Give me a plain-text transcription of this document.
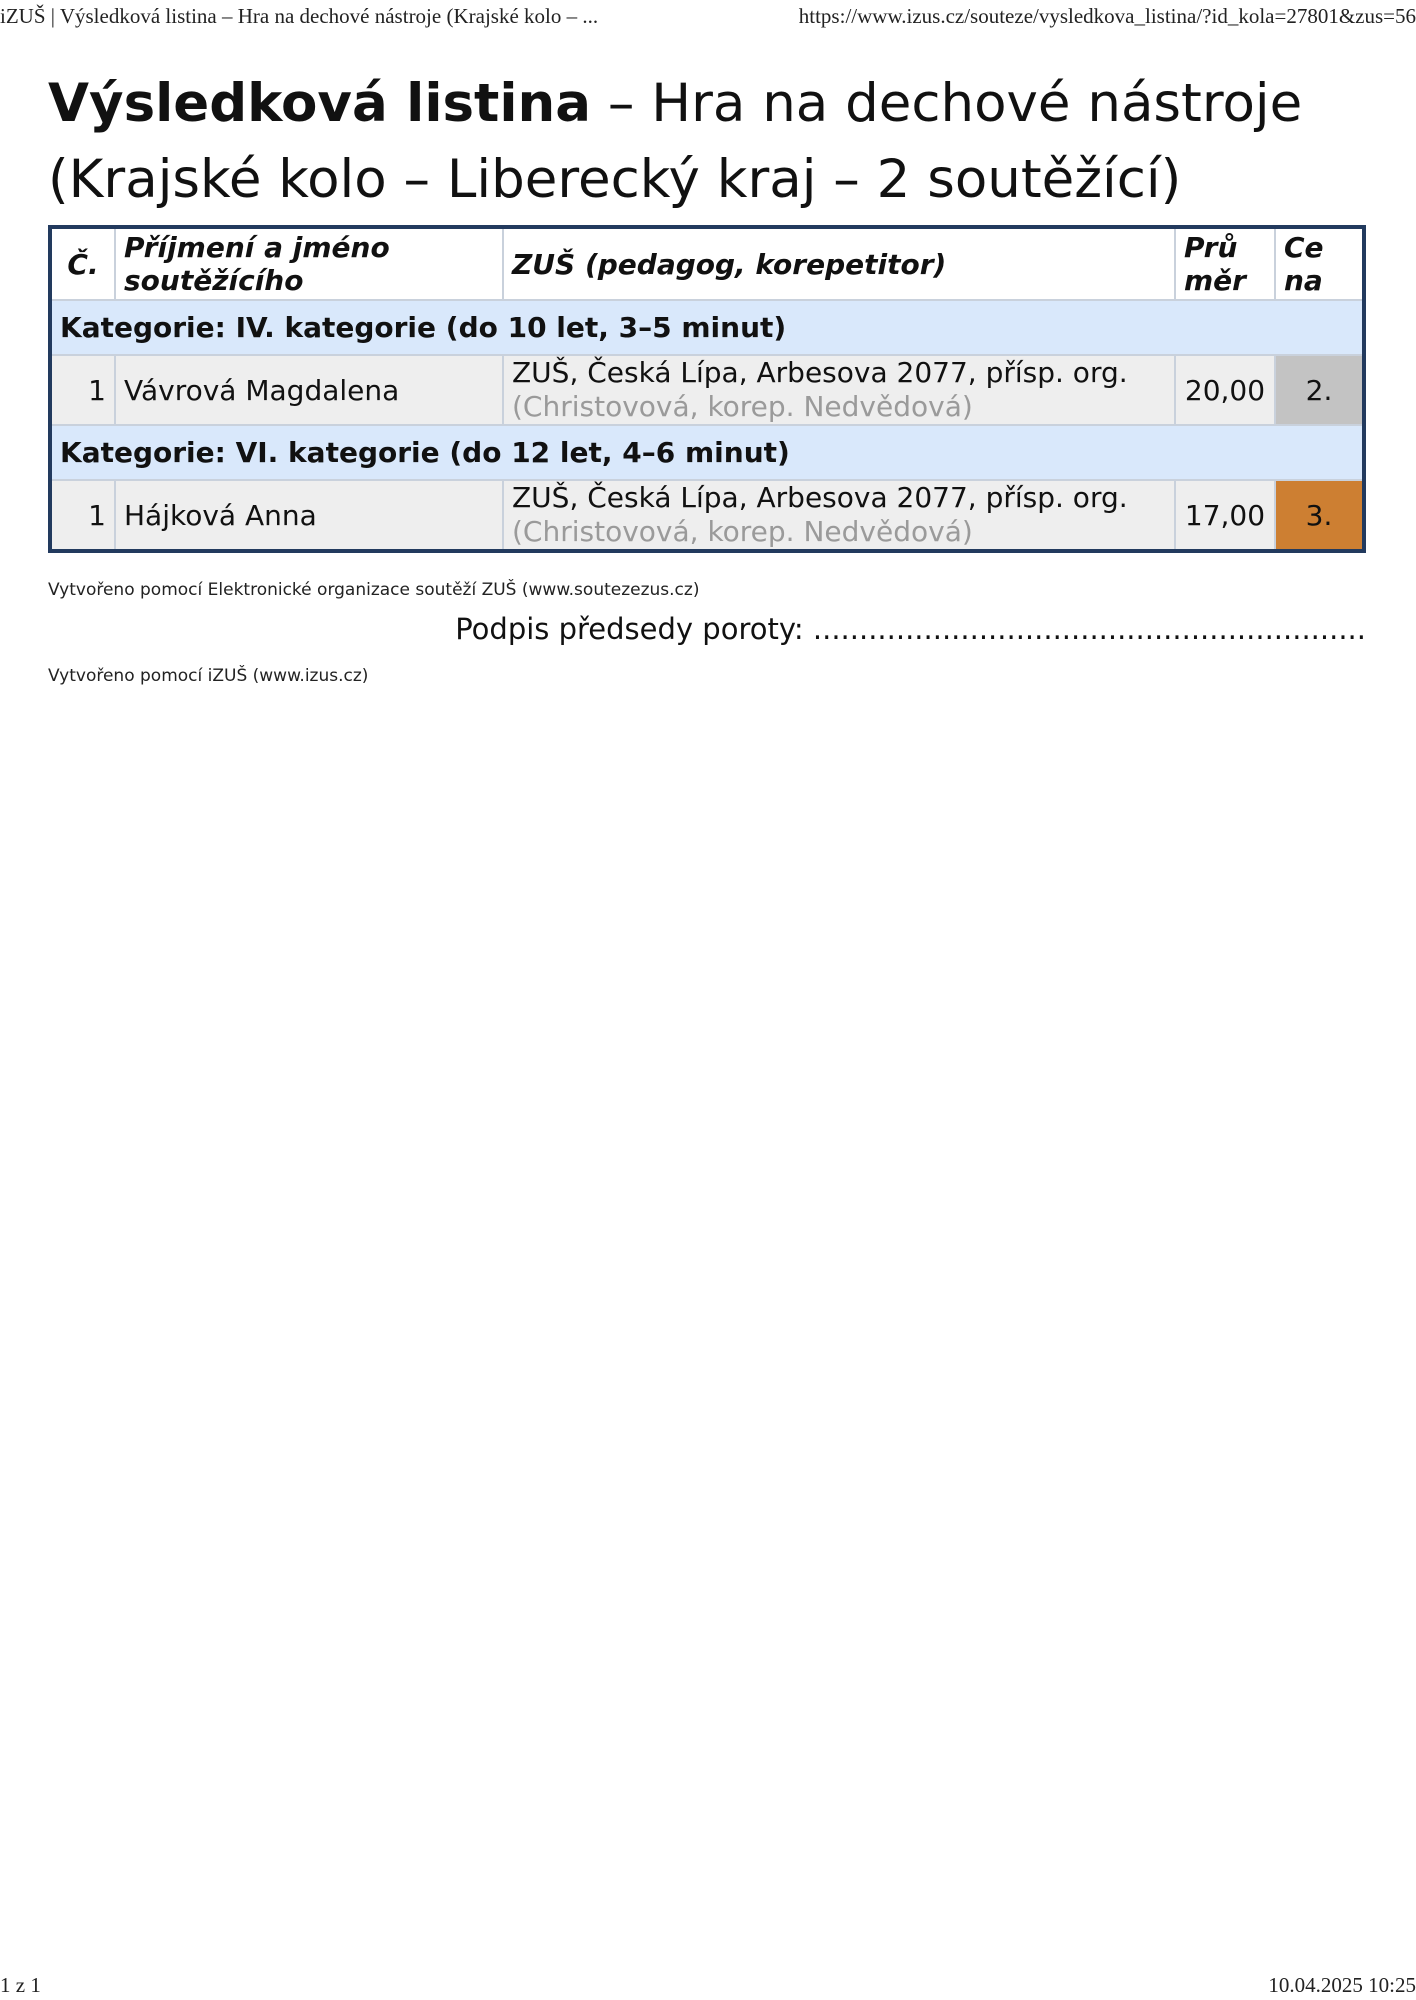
iZUŠ | Výsledková listina – Hra na dechové nástroje (Krajské kolo – ...	https://www.izus.cz/souteze/vysledkova_listina/?id_kola=27801&zus=56
Výsledková listina – Hra na dechové nástroje (Krajské kolo – Liberecký kraj – 2 soutěžící)
Č.	Příjmení a jméno soutěžícího	ZUŠ (pedagog, korepetitor)	Prů měr	Ce na
Kategorie: IV. kategorie (do 10 let, 3–5 minut)				
1	Vávrová Magdalena	ZUŠ, Česká Lípa, Arbesova 2077, přísp. org.
(Christovová, korep. Nedvědová)	20,00	2.
Kategorie: VI. kategorie (do 12 let, 4–6 minut)				
1	Hájková Anna	ZUŠ, Česká Lípa, Arbesova 2077, přísp. org.
(Christovová, korep. Nedvědová)	17,00	3.
Vytvořeno pomocí Elektronické organizace soutěží ZUŠ (www.soutezezus.cz)
Podpis předsedy poroty: ............................................................
Vytvořeno pomocí iZUŠ (www.izus.cz)
1 z 1	10.04.2025 10:25
